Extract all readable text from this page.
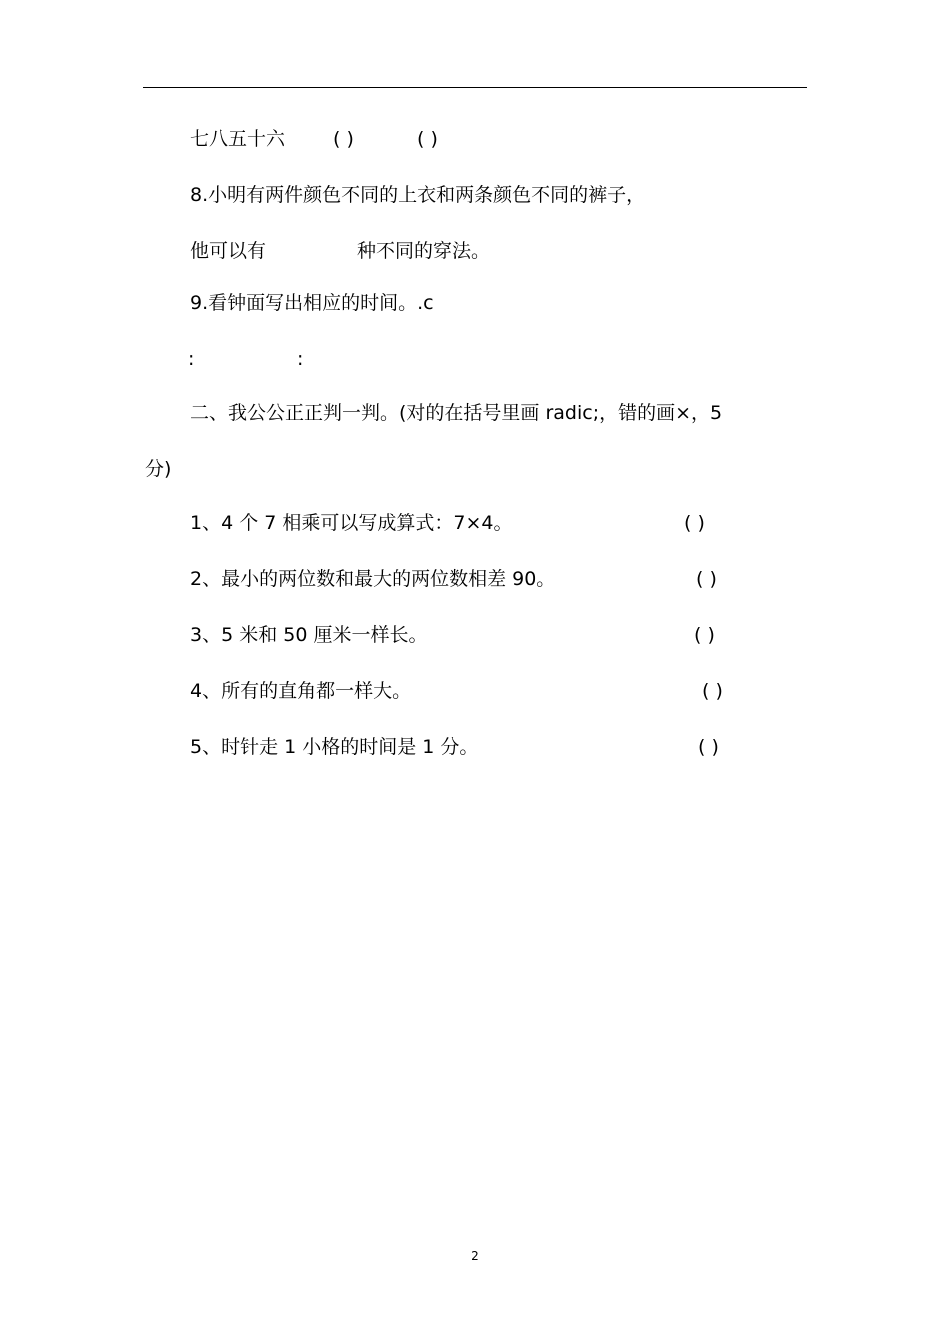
七八五十六	( )	( )
8.小明有两件颜色不同的上衣和两条颜色不同的裤子，
他可以有	种不同的穿法。
9.看钟面写出相应的时间。.c
:	:
二、我公公正正判一判。(对的在括号里画 radic;，错的画×，5
分)
1、4 个 7 相乘可以写成算式：7×4。	( )
2、最小的两位数和最大的两位数相差 90。	( )
3、5 米和 50 厘米一样长。	( )
4、所有的直角都一样大。	( )
5、时针走 1 小格的时间是 1 分。	( )
2
